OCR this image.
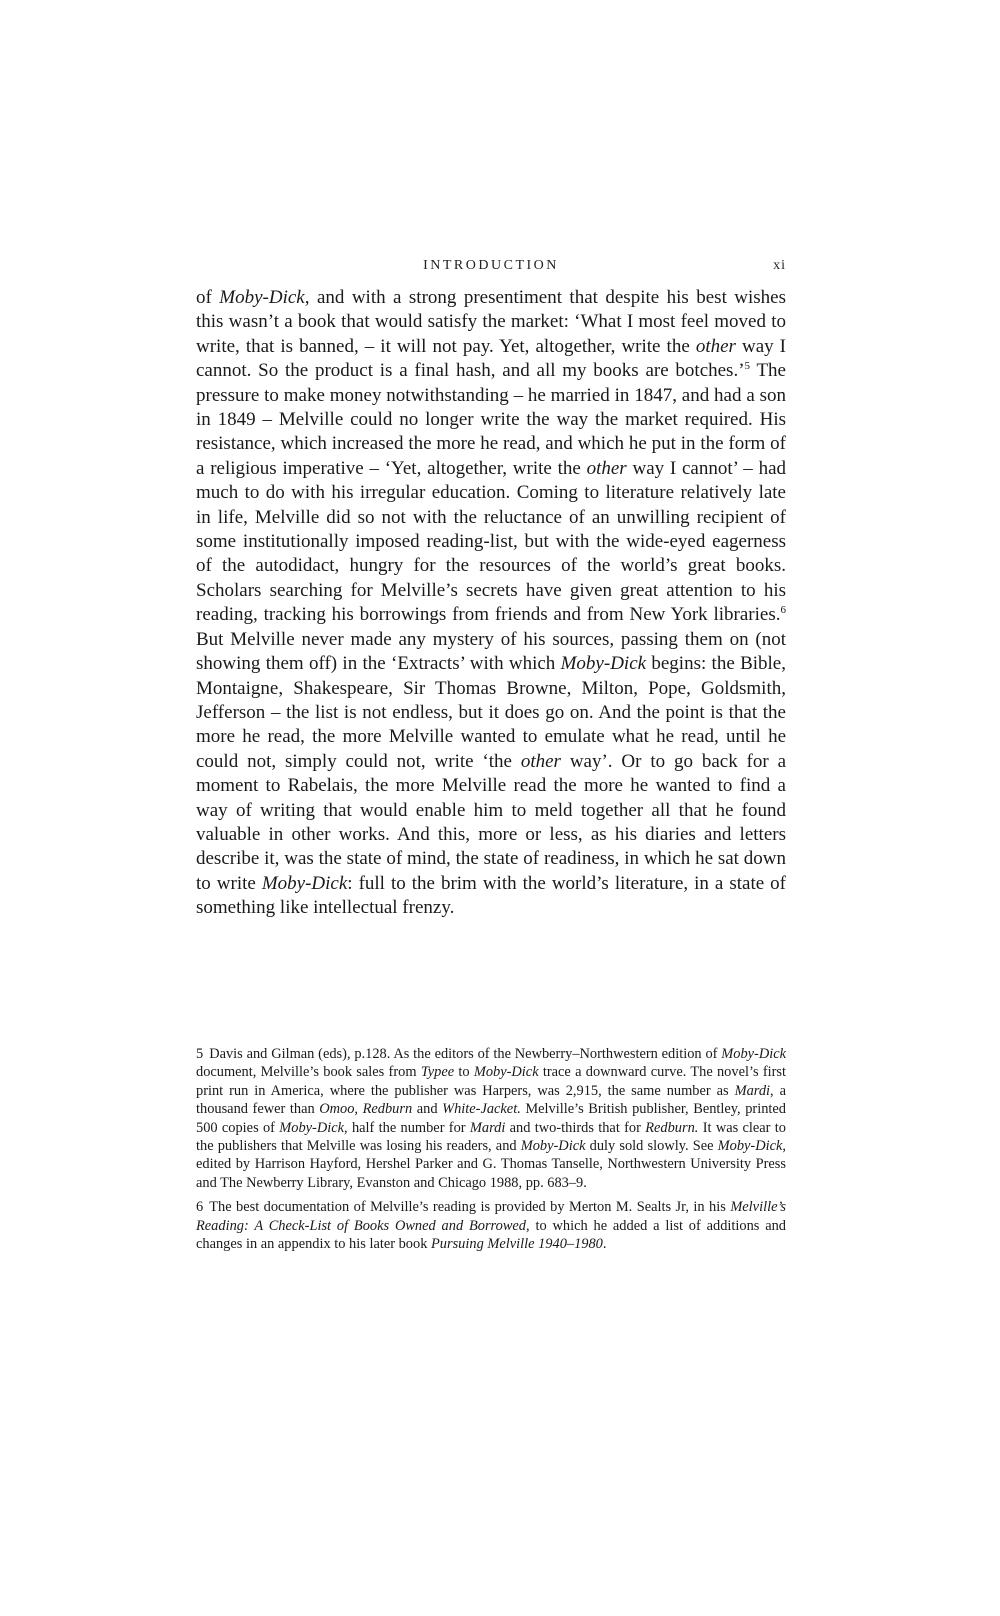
INTRODUCTION	xi

of Moby-Dick, and with a strong presentiment that despite his best wishes this wasn’t a book that would satisfy the market: ‘What I most feel moved to write, that is banned, – it will not pay. Yet, altogether, write the other way I cannot. So the product is a final hash, and all my books are botches.’$^5$ The pressure to make money notwithstanding – he married in 1847, and had a son in 1849 – Melville could no longer write the way the market required. His resistance, which increased the more he read, and which he put in the form of a religious imperative – ‘Yet, altogether, write the other way I cannot’ – had much to do with his irregular education. Coming to literature relatively late in life, Melville did so not with the reluctance of an unwilling recipient of some institutionally imposed reading-list, but with the wide-eyed eagerness of the autodidact, hungry for the resources of the world’s great books. Scholars searching for Melville’s secrets have given great attention to his reading, tracking his borrowings from friends and from New York libraries.$^6$ But Melville never made any mystery of his sources, passing them on (not showing them off) in the ‘Extracts’ with which Moby-Dick begins: the Bible, Montaigne, Shakespeare, Sir Thomas Browne, Milton, Pope, Goldsmith, Jefferson – the list is not endless, but it does go on. And the point is that the more he read, the more Melville wanted to emulate what he read, until he could not, simply could not, write ‘the other way’. Or to go back for a moment to Rabelais, the more Melville read the more he wanted to find a way of writing that would enable him to meld together all that he found valuable in other works. And this, more or less, as his diaries and letters describe it, was the state of mind, the state of readiness, in which he sat down to write Moby-Dick: full to the brim with the world’s literature, in a state of something like intellectual frenzy.

5 Davis and Gilman (eds), p.128. As the editors of the Newberry–Northwestern edition of Moby-Dick document, Melville’s book sales from Typee to Moby-Dick trace a downward curve. The novel’s first print run in America, where the publisher was Harpers, was 2,915, the same number as Mardi, a thousand fewer than Omoo, Redburn and White-Jacket. Melville’s British publisher, Bentley, printed 500 copies of Moby-Dick, half the number for Mardi and two-thirds that for Redburn. It was clear to the publishers that Melville was losing his readers, and Moby-Dick duly sold slowly. See Moby-Dick, edited by Harrison Hayford, Hershel Parker and G. Thomas Tanselle, Northwestern University Press and The Newberry Library, Evanston and Chicago 1988, pp. 683–9.

6 The best documentation of Melville’s reading is provided by Merton M. Sealts Jr, in his Melville’s Reading: A Check-List of Books Owned and Borrowed, to which he added a list of additions and changes in an appendix to his later book Pursuing Melville 1940–1980.
